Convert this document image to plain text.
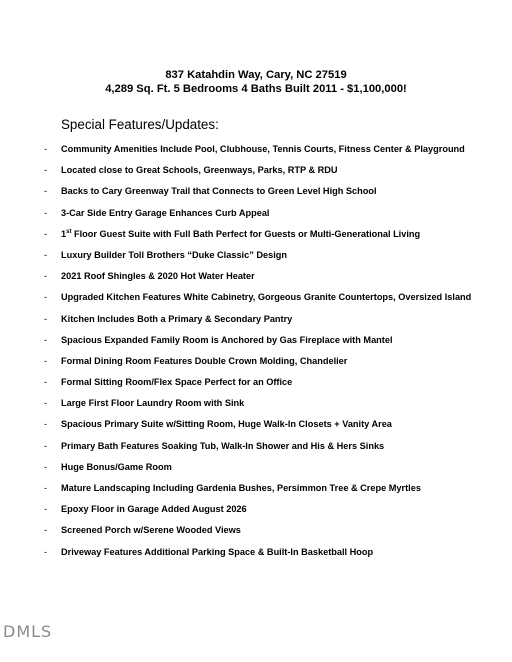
837 Katahdin Way, Cary, NC 27519
4,289 Sq. Ft. 5 Bedrooms 4 Baths Built 2011 - $1,100,000!
Special Features/Updates:
- Community Amenities Include Pool, Clubhouse, Tennis Courts, Fitness Center & Playground
- Located close to Great Schools, Greenways, Parks, RTP & RDU
- Backs to Cary Greenway Trail that Connects to Green Level High School
- 3-Car Side Entry Garage Enhances Curb Appeal
- 1st Floor Guest Suite with Full Bath Perfect for Guests or Multi-Generational Living
- Luxury Builder Toll Brothers “Duke Classic” Design
- 2021 Roof Shingles & 2020 Hot Water Heater
- Upgraded Kitchen Features White Cabinetry, Gorgeous Granite Countertops, Oversized Island
- Kitchen Includes Both a Primary & Secondary Pantry
- Spacious Expanded Family Room is Anchored by Gas Fireplace with Mantel
- Formal Dining Room Features Double Crown Molding, Chandelier
- Formal Sitting Room/Flex Space Perfect for an Office
- Large First Floor Laundry Room with Sink
- Spacious Primary Suite w/Sitting Room, Huge Walk-In Closets + Vanity Area
- Primary Bath Features Soaking Tub, Walk-In Shower and His & Hers Sinks
- Huge Bonus/Game Room
- Mature Landscaping Including Gardenia Bushes, Persimmon Tree & Crepe Myrtles
- Epoxy Floor in Garage Added August 2026
- Screened Porch w/Serene Wooded Views
- Driveway Features Additional Parking Space & Built-In Basketball Hoop
DMLS
